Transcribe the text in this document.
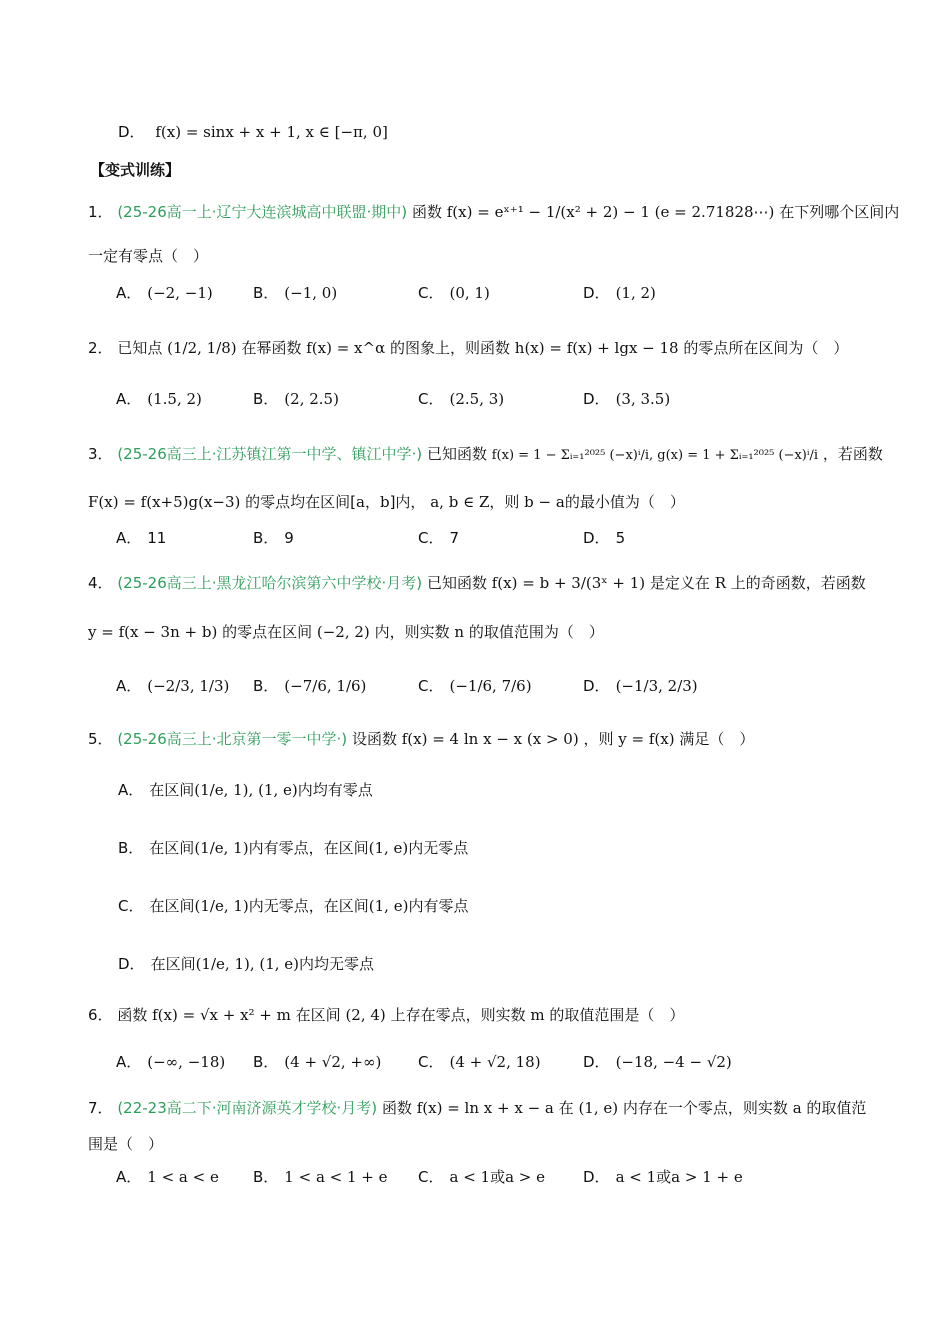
D． f(x) = sinx + x + 1, x ∈ [−π, 0]
【变式训练】
1． (25-26高一上·辽宁大连滨城高中联盟·期中) 函数 f(x) = eˣ⁺¹ − 1/(x² + 2) − 1 (e = 2.71828⋯) 在下列哪个区间内
一定有零点（　）
A． (−2, −1)	B． (−1, 0)	C． (0, 1)	D． (1, 2)
2． 已知点 (1/2, 1/8) 在幂函数 f(x) = x^α 的图象上，则函数 h(x) = f(x) + lgx − 18 的零点所在区间为（　）
A． (1.5, 2)	B． (2, 2.5)	C． (2.5, 3)	D． (3, 3.5)
3． (25-26高三上·江苏镇江第一中学、镇江中学·) 已知函数 f(x) = 1 − Σᵢ₌₁²⁰²⁵ (−x)ⁱ/i, g(x) = 1 + Σᵢ₌₁²⁰²⁵ (−x)ⁱ/i ，若函数
F(x) = f(x+5)g(x−3) 的零点均在区间[a，b]内， a, b ∈ Z，则 b − a的最小值为（　）
A． 11	B． 9	C． 7	D． 5
4． (25-26高三上·黑龙江哈尔滨第六中学校·月考) 已知函数 f(x) = b + 3/(3ˣ + 1) 是定义在 R 上的奇函数，若函数
y = f(x − 3n + b) 的零点在区间 (−2, 2) 内，则实数 n 的取值范围为（　）
A． (−2/3, 1/3) B． (−7/6, 1/6)	C． (−1/6, 7/6)	D． (−1/3, 2/3)
5． (25-26高三上·北京第一零一中学·) 设函数 f(x) = 4 ln x − x (x > 0) ，则 y = f(x) 满足（　）
A． 在区间(1/e, 1), (1, e)内均有零点
B． 在区间(1/e, 1)内有零点，在区间(1, e)内无零点
C． 在区间(1/e, 1)内无零点，在区间(1, e)内有零点
D． 在区间(1/e, 1), (1, e)内均无零点
6． 函数 f(x) = √x + x² + m 在区间 (2, 4) 上存在零点，则实数 m 的取值范围是（　）
A． (−∞, −18) B． (4 + √2, +∞) C． (4 + √2, 18)	D． (−18, −4 − √2)
7． (22-23高二下·河南济源英才学校·月考) 函数 f(x) = ln x + x − a 在 (1, e) 内存在一个零点，则实数 a 的取值范
围是（　）
A． 1 < a < e B． 1 < a < 1 + e C． a < 1或a > e	D． a < 1或a > 1 + e
